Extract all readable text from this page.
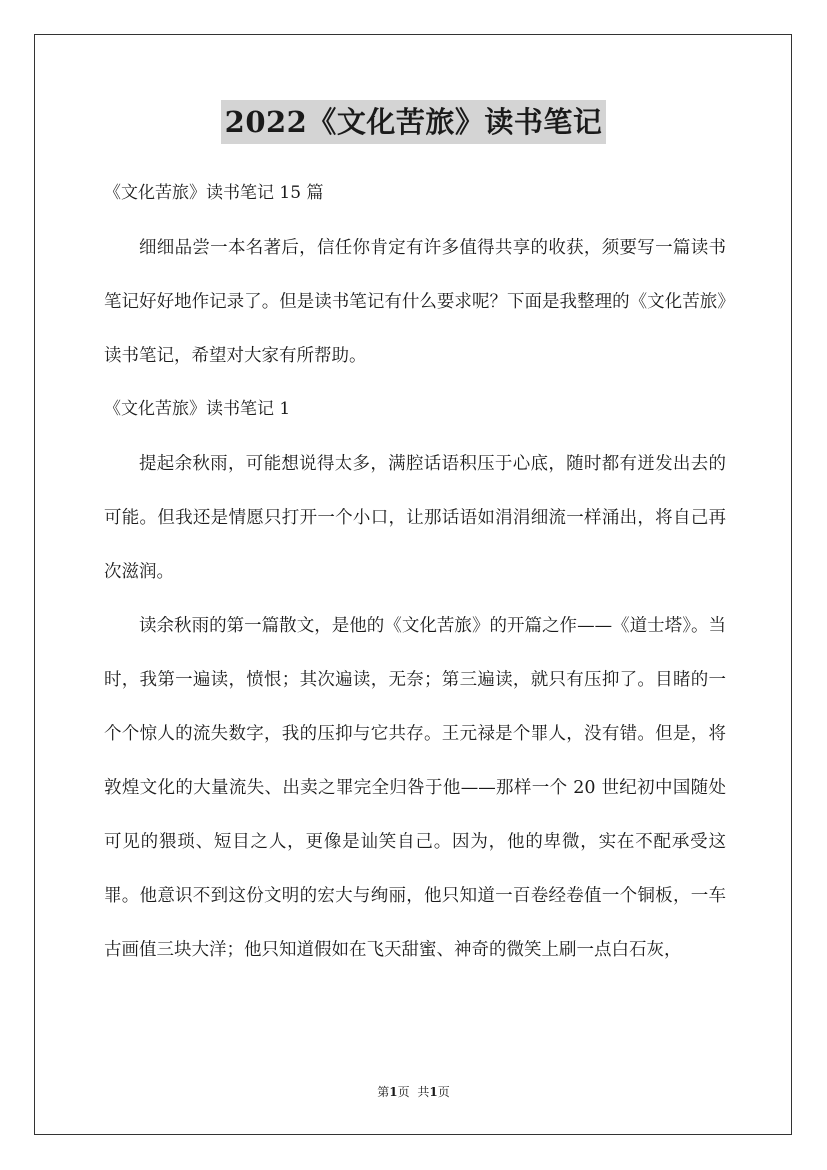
2022《文化苦旅》读书笔记
《文化苦旅》读书笔记 15 篇

细细品尝一本名著后，信任你肯定有许多值得共享的收获，须要写一篇读书笔记好好地作记录了。但是读书笔记有什么要求呢？下面是我整理的《文化苦旅》读书笔记，希望对大家有所帮助。

《文化苦旅》读书笔记 1

提起余秋雨，可能想说得太多，满腔话语积压于心底，随时都有迸发出去的可能。但我还是情愿只打开一个小口，让那话语如涓涓细流一样涌出，将自己再次滋润。

读余秋雨的第一篇散文，是他的《文化苦旅》的开篇之作——《道士塔》。当时，我第一遍读，愤恨；其次遍读，无奈；第三遍读，就只有压抑了。目睹的一个个惊人的流失数字，我的压抑与它共存。王元禄是个罪人，没有错。但是，将敦煌文化的大量流失、出卖之罪完全归咎于他——那样一个 20 世纪初中国随处可见的猥琐、短目之人，更像是讪笑自己。因为，他的卑微，实在不配承受这罪。他意识不到这份文明的宏大与绚丽，他只知道一百卷经卷值一个铜板，一车古画值三块大洋；他只知道假如在飞天甜蜜、神奇的微笑上刷一点白石灰，

第1页 共1页
